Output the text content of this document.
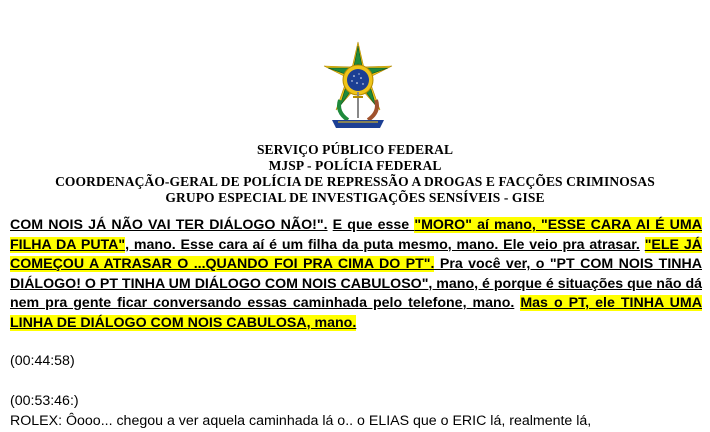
SERVIÇO PÚBLICO FEDERAL
MJSP - POLÍCIA FEDERAL
COORDENAÇÃO-GERAL DE POLÍCIA DE REPRESSÃO A DROGAS E FACÇÕES CRIMINOSAS
GRUPO ESPECIAL DE INVESTIGAÇÕES SENSÍVEIS - GISE
COM NOIS JÁ NÃO VAI TER DIÁLOGO NÃO!". E que esse "MORO" aí mano, "ESSE CARA AI É UMA FILHA DA PUTA", mano. Esse cara aí é um filha da puta mesmo, mano. Ele veio pra atrasar. "ELE JÁ COMEÇOU A ATRASAR O ...QUANDO FOI PRA CIMA DO PT". Pra você ver, o "PT COM NOIS TINHA DIÁLOGO! O PT TINHA UM DIÁLOGO COM NOIS CABULOSO", mano, é porque é situações que não dá nem pra gente ficar conversando essas caminhada pelo telefone, mano. Mas o PT, ele TINHA UMA LINHA DE DIÁLOGO COM NOIS CABULOSA, mano.
(00:44:58)
(00:53:46:)
ROLEX: Ôooo... chegou a ver aquela caminhada lá o.. o ELIAS que o ERIC lá, realmente lá,
